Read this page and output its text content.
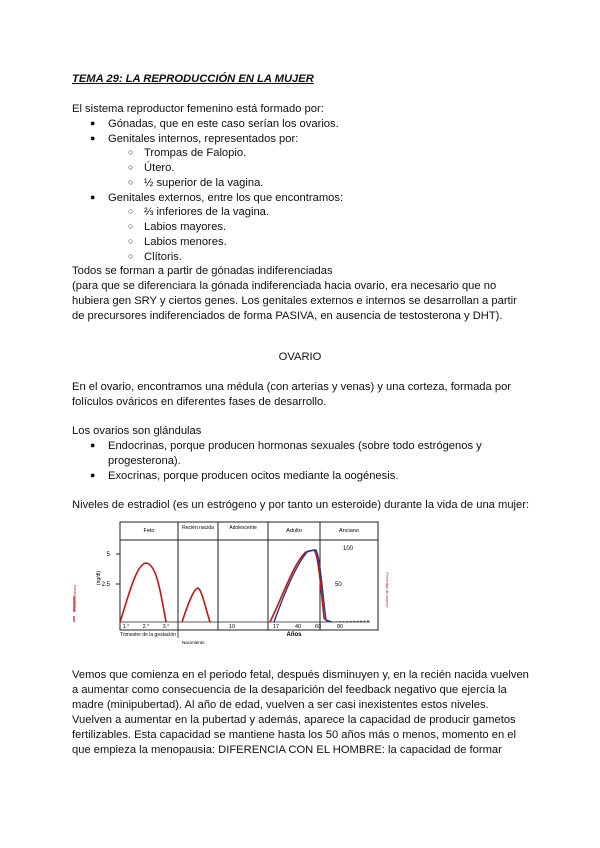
TEMA 29: LA REPRODUCCIÓN EN LA MUJER
El sistema reproductor femenino está formado por:
● Gónadas, que en este caso serían los ovarios.
● Genitales internos, representados por:
○ Trompas de Falopio.
○ Útero.
○ ½ superior de la vagina.
● Genitales externos, entre los que encontramos:
○ ⅔ inferiores de la vagina.
○ Labios mayores.
○ Labios menores.
○ Clítoris.
Todos se forman a partir de gónadas indiferenciadas
(para que se diferenciara la gónada indiferenciada hacia ovario, era necesario que no
hubiera gen SRY y ciertos genes. Los genitales externos e internos se desarrollan a partir
de precursores indiferenciados de forma PASIVA, en ausencia de testosterona y DHT).
OVARIO
En el ovario, encontramos una médula (con arterias y venas) y una corteza, formada por
folículos ováricos en diferentes fases de desarrollo.
Los ovarios son glándulas
● Endocrinas, porque producen hormonas sexuales (sobre todo estrógenos y
progesterona).
● Exocrinas, porque producen ocitos mediante la oogénesis.
Niveles de estradiol (es un estrógeno y por tanto un esteroide) durante la vida de una mujer:
Feto	Recién nacida	Adolescente	Adulto	Anciano
5
2.5
(ng/dl)
Estradiol plasma
100
50	Porcentaje de mujeres
1.° 2.° 3.°	10	17	40	60	80
Trimestre de la gestación
Nacimiento
Años
Vemos que comienza en el periodo fetal, después disminuyen y, en la recién nacida vuelven
a aumentar como consecuencia de la desaparición del feedback negativo que ejercía la
madre (minipubertad). Al año de edad, vuelven a ser casi inexistentes estos niveles.
Vuelven a aumentar en la pubertad y además, aparece la capacidad de producir gametos
fertilizables. Esta capacidad se mantiene hasta los 50 años más o menos, momento en el
que empieza la menopausia: DIFERENCIA CON EL HOMBRE: la capacidad de formar
